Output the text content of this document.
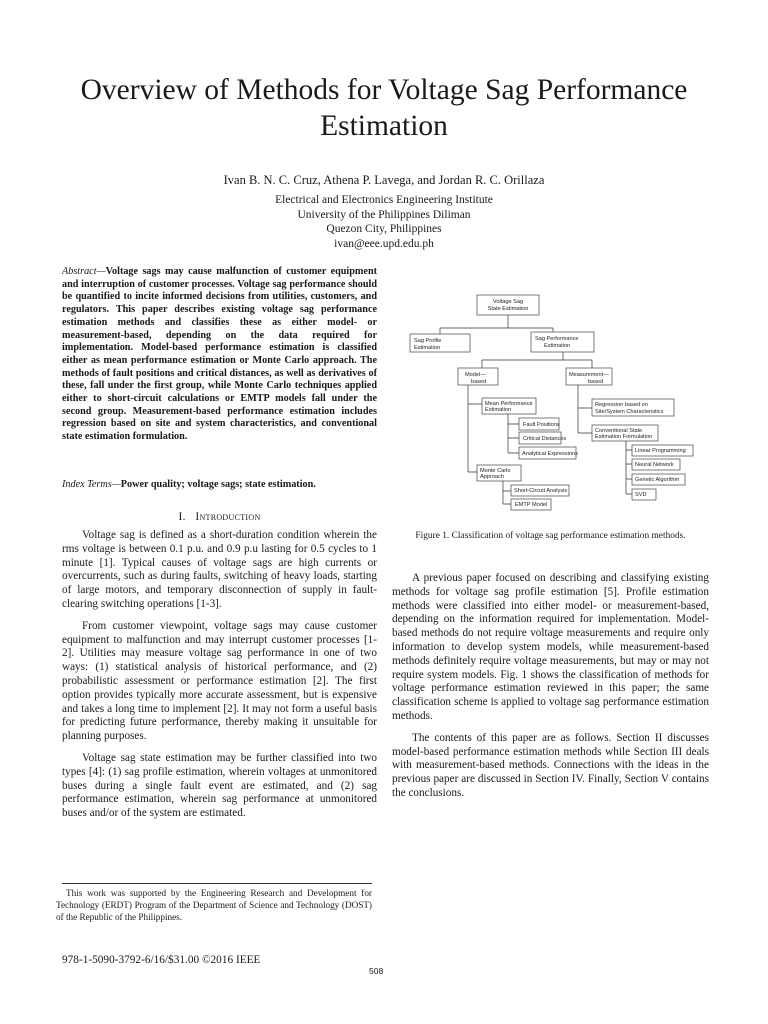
Overview of Methods for Voltage Sag Performance Estimation
Ivan B. N. C. Cruz, Athena P. Lavega, and Jordan R. C. Orillaza
Electrical and Electronics Engineering Institute
University of the Philippines Diliman
Quezon City, Philippines
ivan@eee.upd.edu.ph
Abstract—Voltage sags may cause malfunction of customer equipment and interruption of customer processes. Voltage sag performance should be quantified to incite informed decisions from utilities, customers, and regulators. This paper describes existing voltage sag performance estimation methods and classifies these as either model- or measurement-based, depending on the data required for implementation. Model-based performance estimation is classified either as mean performance estimation or Monte Carlo approach. The methods of fault positions and critical distances, as well as derivatives of these, fall under the first group, while Monte Carlo techniques applied either to short-circuit calculations or EMTP models fall under the second group. Measurement-based performance estimation includes regression based on site and system characteristics, and conventional state estimation formulation.
Index Terms—Power quality; voltage sags; state estimation.
I. Introduction

Voltage sag is defined as a short-duration condition wherein the rms voltage is between 0.1 p.u. and 0.9 p.u lasting for 0.5 cycles to 1 minute [1]. Typical causes of voltage sags are high currents or overcurrents, such as during faults, switching of heavy loads, starting of large motors, and temporary disconnection of supply in fault-clearing switching operations [1-3].

From customer viewpoint, voltage sags may cause customer equipment to malfunction and may interrupt customer processes [1-2]. Utilities may measure voltage sag performance in one of two ways: (1) statistical analysis of historical performance, and (2) probabilistic assessment or performance estimation [2]. The first option provides typically more accurate assessment, but is expensive and takes a long time to implement [2]. It may not form a useful basis for predicting future performance, thereby making it unsuitable for planning purposes.

Voltage sag state estimation may be further classified into two types [4]: (1) sag profile estimation, wherein voltages at unmonitored buses during a single fault event are estimated, and (2) sag performance estimation, wherein sag performance at unmonitored buses and/or of the system are estimated.

Voltage Sag
State Estimation
Sag Profile
Estimation
Sag Performance
Estimation
Model—
based
Measurement—
based
Mean Performance
Estimation
Fault Positions
Critical Distances
Analytical Expressions
Monte Carlo
Approach
Short-Circuit Analysis
EMTP Model
Regression based on
Site/System Characteristics
Conventional State
Estimation Formulation
Linear Programming
Neural Network
Genetic Algorithm
SVD
Figure 1. Classification of voltage sag performance estimation methods.

A previous paper focused on describing and classifying existing methods for voltage sag profile estimation [5]. Profile estimation methods were classified into either model- or measurement-based, depending on the information required for implementation. Model-based methods do not require voltage measurements and require only information to develop system models, while measurement-based methods definitely require voltage measurements, but may or may not require system models. Fig. 1 shows the classification of methods for voltage performance estimation reviewed in this paper; the same classification scheme is applied to voltage sag performance estimation methods.

The contents of this paper are as follows. Section II discusses model-based performance estimation methods while Section III deals with measurement-based methods. Connections with the ideas in the previous paper are discussed in Section IV. Finally, Section V contains the conclusions.

This work was supported by the Engineering Research and Development for Technology (ERDT) Program of the Department of Science and Technology (DOST) of the Republic of the Philippines.
978-1-5090-3792-6/16/$31.00 ©2016 IEEE
508
